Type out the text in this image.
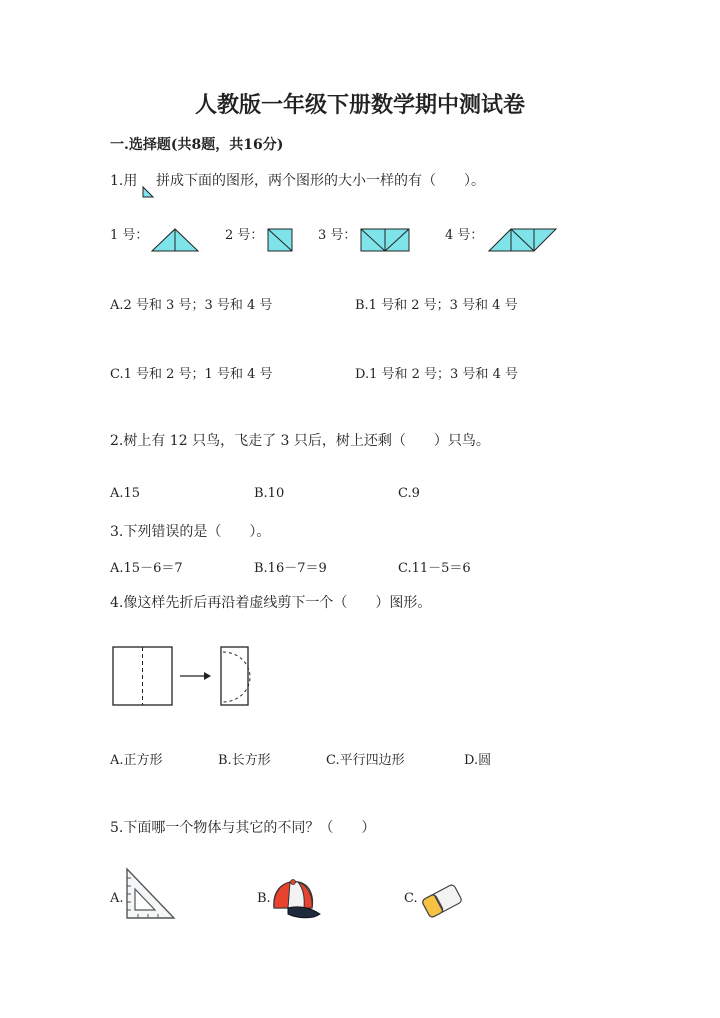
人教版一年级下册数学期中测试卷
一.选择题(共8题，共16分)
1.用 拼成下面的图形，两个图形的大小一样的有（　　）。
1 号：	2 号：	3 号：	4 号：
A.2 号和 3 号；3 号和 4 号	B.1 号和 2 号；3 号和 4 号
C.1 号和 2 号；1 号和 4 号	D.1 号和 2 号；3 号和 4 号
2.树上有 12 只鸟，飞走了 3 只后，树上还剩（　　）只鸟。
A.15	B.10	C.9
3.下列错误的是（　　）。
A.15－6＝7	B.16－7＝9	C.11－5＝6
4.像这样先折后再沿着虚线剪下一个（　　）图形。
A.正方形	B.长方形	C.平行四边形	D.圆
5.下面哪一个物体与其它的不同？（　　）
A.	B.	C.
